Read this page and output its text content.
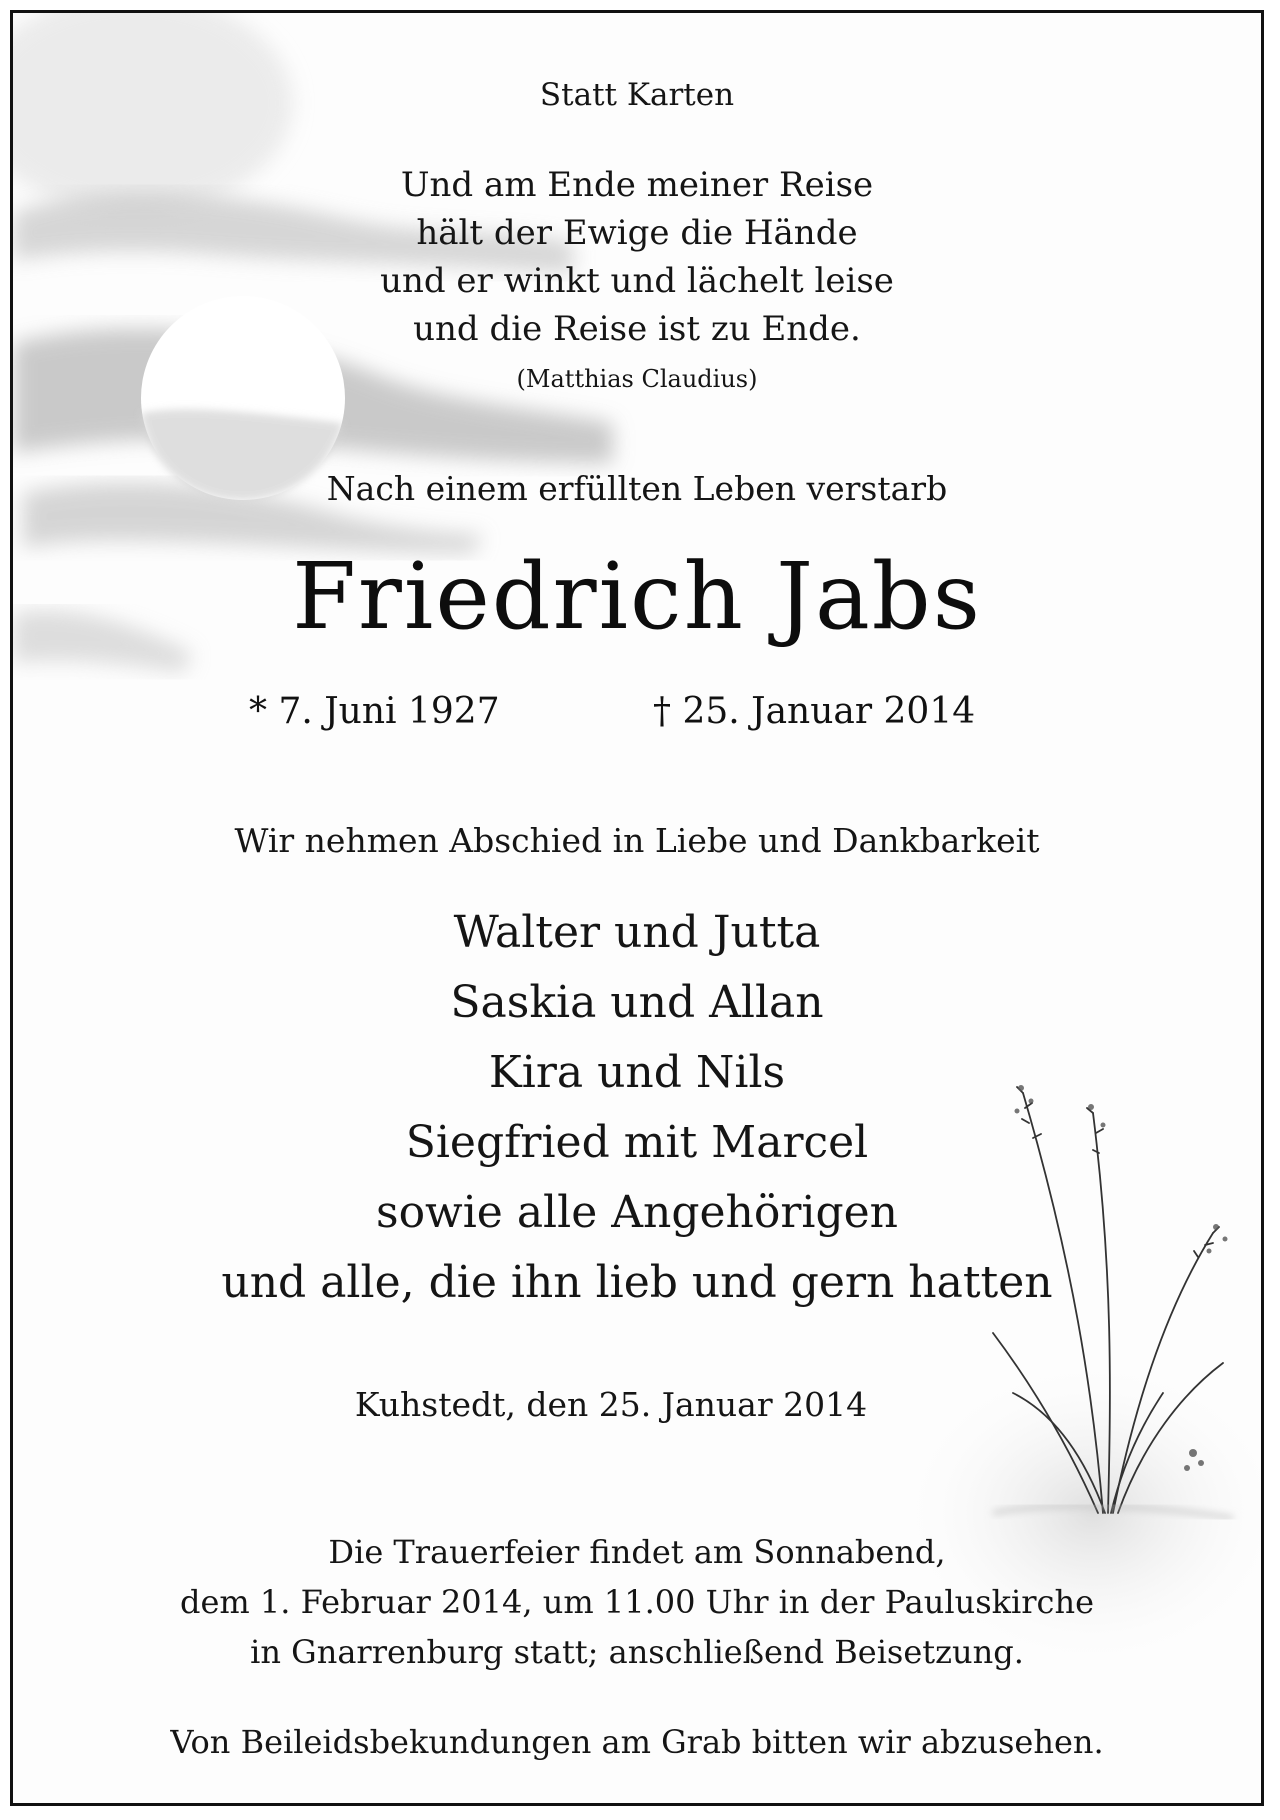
Statt Karten
Und am Ende meiner Reise
hält der Ewige die Hände
und er winkt und lächelt leise
und die Reise ist zu Ende.
(Matthias Claudius)
Nach einem erfüllten Leben verstarb
Friedrich Jabs
* 7. Juni 1927	† 25. Januar 2014
Wir nehmen Abschied in Liebe und Dankbarkeit
Walter und Jutta
Saskia und Allan
Kira und Nils
Siegfried mit Marcel
sowie alle Angehörigen
und alle, die ihn lieb und gern hatten
Kuhstedt, den 25. Januar 2014
Die Trauerfeier findet am Sonnabend,
dem 1. Februar 2014, um 11.00 Uhr in der Pauluskirche
in Gnarrenburg statt; anschließend Beisetzung.
Von Beileidsbekundungen am Grab bitten wir abzusehen.
